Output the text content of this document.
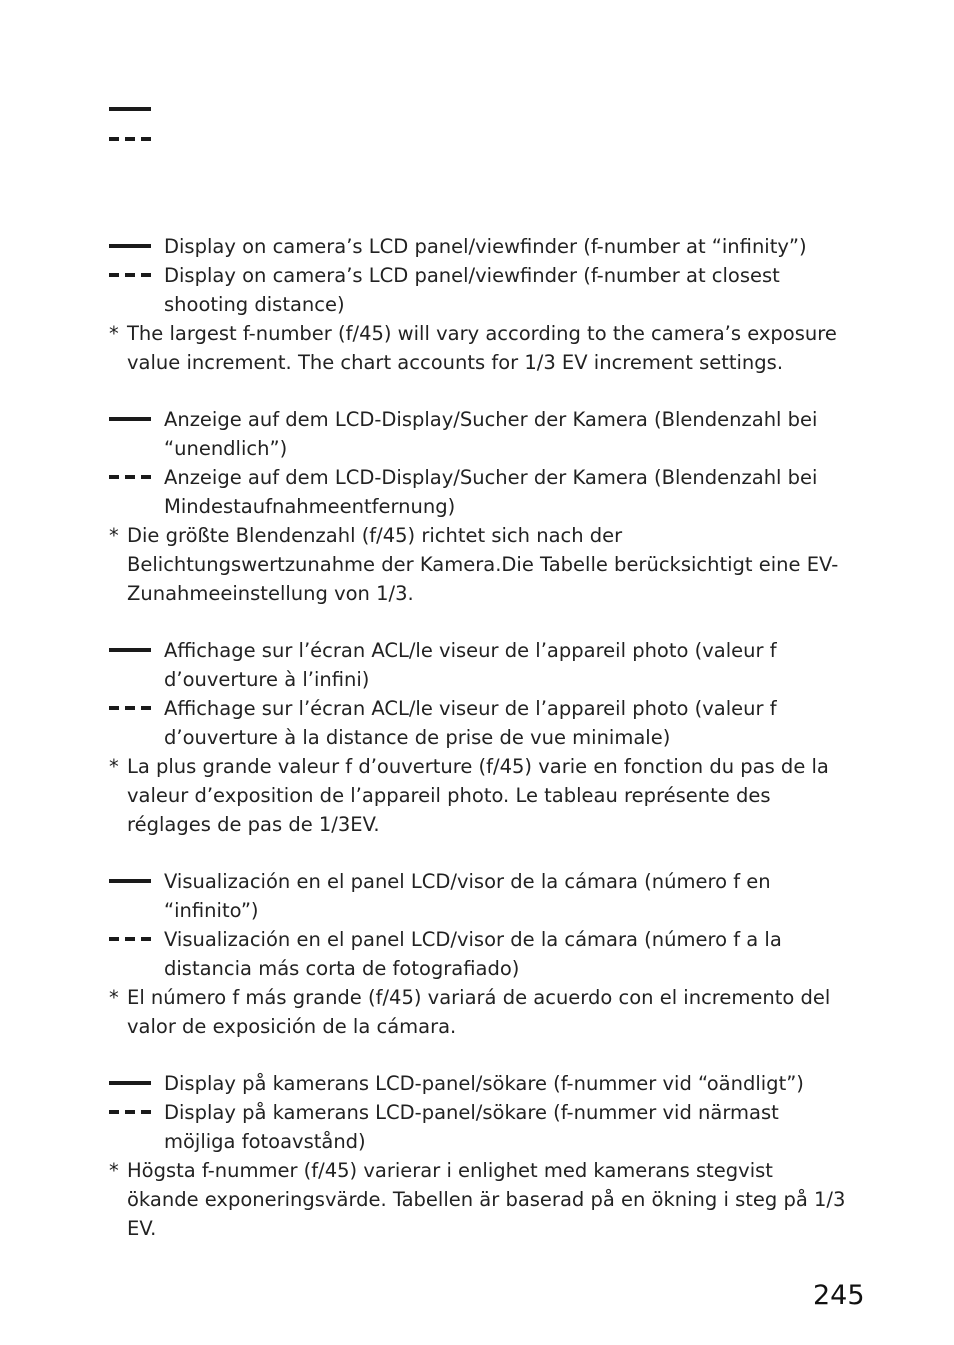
Display on camera’s LCD panel/viewfinder (f-number at “infinity”)
Display on camera’s LCD panel/viewfinder (f-number at closest shooting distance)
* The largest f-number (f/45) will vary according to the camera’s exposure value increment. The chart accounts for 1/3 EV increment settings.
Anzeige auf dem LCD-Display/Sucher der Kamera (Blendenzahl bei “unendlich”)
Anzeige auf dem LCD-Display/Sucher der Kamera (Blendenzahl bei Mindestaufnahmeentfernung)
* Die größte Blendenzahl (f/45) richtet sich nach der Belichtungswertzunahme der Kamera.Die Tabelle berücksichtigt eine EV-Zunahmeeinstellung von 1/3.
Affichage sur l’écran ACL/le viseur de l’appareil photo (valeur f d’ouverture à l’infini)
Affichage sur l’écran ACL/le viseur de l’appareil photo (valeur f d’ouverture à la distance de prise de vue minimale)
* La plus grande valeur f d’ouverture (f/45) varie en fonction du pas de la valeur d’exposition de l’appareil photo. Le tableau représente des réglages de pas de 1/3EV.
Visualización en el panel LCD/visor de la cámara (número f en “infinito”)
Visualización en el panel LCD/visor de la cámara (número f a la distancia más corta de fotografiado)
* El número f más grande (f/45) variará de acuerdo con el incremento del valor de exposición de la cámara.
Display på kamerans LCD-panel/sökare (f-nummer vid “oändligt”)
Display på kamerans LCD-panel/sökare (f-nummer vid närmast möjliga fotoavstånd)
* Högsta f-nummer (f/45) varierar i enlighet med kamerans stegvist ökande exponeringsvärde. Tabellen är baserad på en ökning i steg på 1/3 EV.
245
